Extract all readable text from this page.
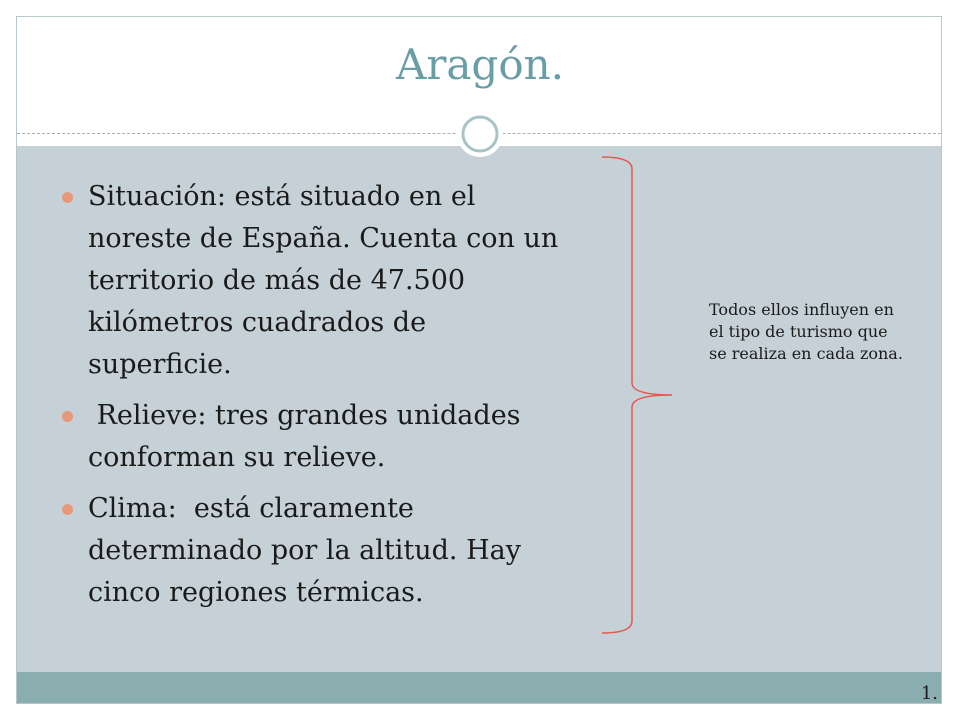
Aragón.
Situación: está situado en el noreste de España. Cuenta con un territorio de más de 47.500 kilómetros cuadrados de superficie.
Relieve: tres grandes unidades conforman su relieve.
Clima:  está claramente determinado por la altitud. Hay  cinco regiones térmicas.
Todos ellos influyen en el tipo de turismo que se realiza en cada zona.
1.
